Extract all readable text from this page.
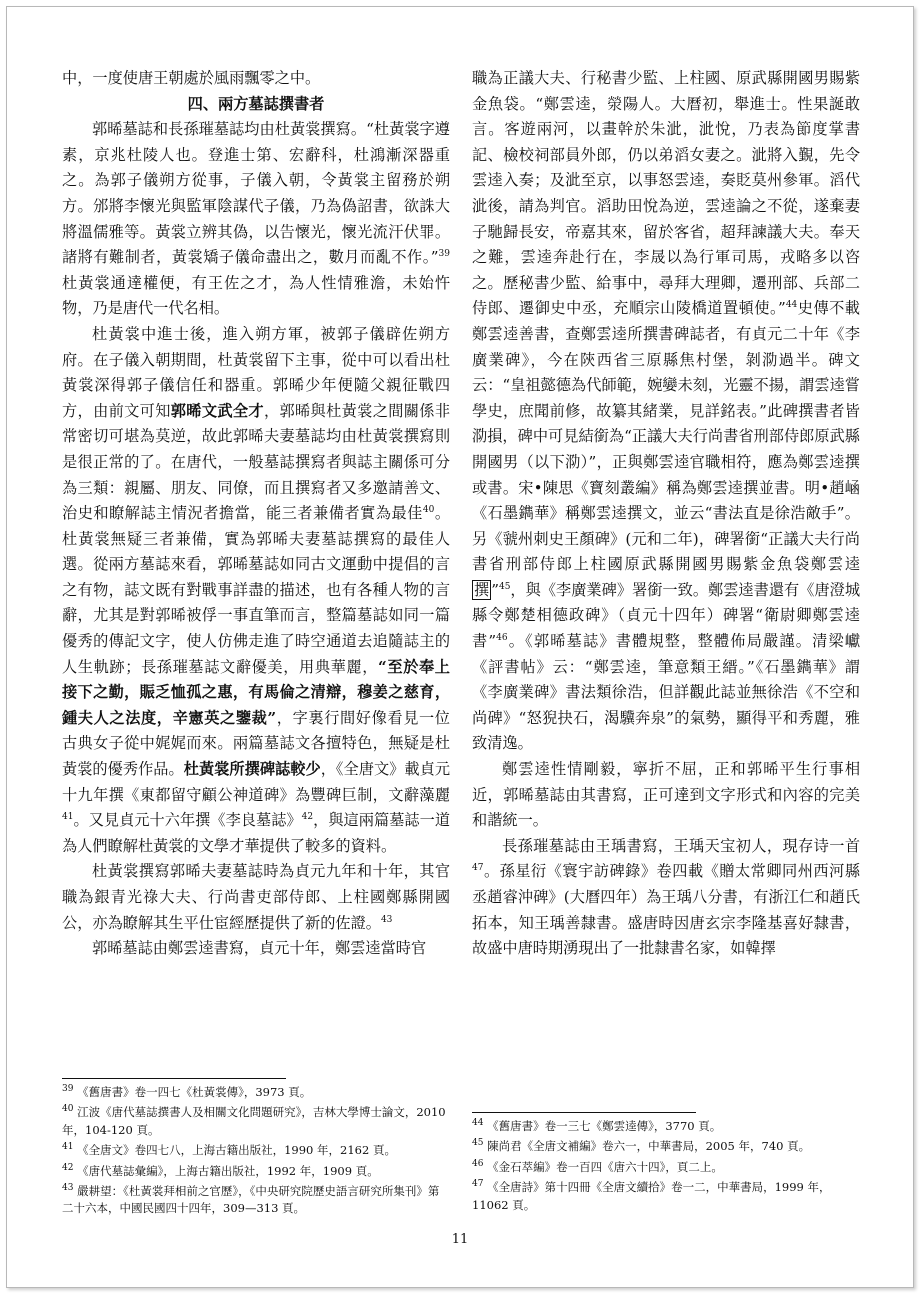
中，一度使唐王朝處於風雨飄零之中。

四、兩方墓誌撰書者

郭晞墓誌和長孫璀墓誌均由杜黃裳撰寫。“杜黃裳字遵素，京兆杜陵人也。登進士第、宏辭科，杜鴻漸深器重之。為郭子儀朔方從事，子儀入朝，令黃裳主留務於朔方。邠將李懷光與監軍陰謀代子儀，乃為偽詔書，欲誅大將溫儒雅等。黃裳立辨其偽，以告懷光，懷光流汗伏罪。諸將有難制者，黃裳矯子儀命盡出之，數月而亂不作。”$^{39}$杜黃裳通達權便，有王佐之才，為人性情雅澹，未始忤物，乃是唐代一代名相。

杜黃裳中進士後，進入朔方軍，被郭子儀辟佐朔方府。在子儀入朝期間，杜黃裳留下主事，從中可以看出杜黃裳深得郭子儀信任和器重。郭晞少年便隨父親征戰四方，由前文可知郭晞文武全才，郭晞與杜黃裳之間關係非常密切可堪為莫逆，故此郭晞夫妻墓誌均由杜黃裳撰寫則是很正常的了。在唐代，一般墓誌撰寫者與誌主關係可分為三類：親屬、朋友、同僚，而且撰寫者又多邀請善文、治史和瞭解誌主情況者擔當，能三者兼備者實為最佳$^{40}$。杜黃裳無疑三者兼備，實為郭晞夫妻墓誌撰寫的最佳人選。從兩方墓誌來看，郭晞墓誌如同古文運動中提倡的言之有物，誌文既有對戰事詳盡的描述，也有各種人物的言辭，尤其是對郭晞被俘一事直筆而言，整篇墓誌如同一篇優秀的傳記文字，使人仿佛走進了時空通道去追隨誌主的人生軌跡；長孫璀墓誌文辭優美，用典華麗，“至於奉上接下之勤，賑乏恤孤之惠，有馬倫之清辯，穆姜之慈育，鍾夫人之法度，辛憲英之鑒裁”，字裏行間好像看見一位古典女子從中娓娓而來。兩篇墓誌文各擅特色，無疑是杜黃裳的優秀作品。杜黃裳所撰碑誌較少，《全唐文》載貞元十九年撰《東都留守顧公神道碑》為豐碑巨制，文辭藻麗$^{41}$。又見貞元十六年撰《李良墓誌》$^{42}$，與這兩篇墓誌一道為人們瞭解杜黃裳的文學才華提供了較多的資料。

杜黃裳撰寫郭晞夫妻墓誌時為貞元九年和十年，其官職為銀青光祿大夫、行尚書吏部侍郎、上柱國鄭縣開國公，亦為瞭解其生平仕宦經歷提供了新的佐證。$^{43}$

郭晞墓誌由鄭雲逵書寫，貞元十年，鄭雲逵當時官

職為正議大夫、行秘書少監、上柱國、原武縣開國男賜紫金魚袋。“鄭雲逵，滎陽人。大曆初，舉進士。性果誕敢言。客遊兩河，以畫幹於朱泚，泚悅，乃表為節度掌書記、檢校祠部員外郎，仍以弟滔女妻之。泚將入覲，先令雲逵入奏；及泚至京，以事怒雲逵，奏貶莫州參軍。滔代泚後，請為判官。滔助田悅為逆，雲逵論之不從，遂棄妻子馳歸長安，帝嘉其來，留於客省，超拜諫議大夫。奉天之難，雲逵奔赴行在，李晟以為行軍司馬，戎略多以咨之。歷秘書少監、給事中，尋拜大理卿，遷刑部、兵部二侍郎、遷御史中丞，充順宗山陵橋道置頓使。”$^{44}$史傳不載鄭雲逵善書，查鄭雲逵所撰書碑誌者，有貞元二十年《李廣業碑》，今在陝西省三原縣焦村堡，剝泐過半。碑文云：“皇祖懿德為代師範，婉孌未刻，光靈不揚，謂雲逵嘗學史，庶聞前修，故纂其緒業，見詳銘表。”此碑撰書者皆泐損，碑中可見結銜為“正議大夫行尚書省刑部侍郎原武縣開國男（以下泐）”，正與鄭雲逵官職相符，應為鄭雲逵撰或書。宋•陳思《寶刻叢編》稱為鄭雲逵撰並書。明•趙崡《石墨鐫華》稱鄭雲逵撰文，並云“書法直是徐浩敵手”。另《虢州刺史王顏碑》(元和二年)，碑署銜“正議大夫行尚書省刑部侍郎上柱國原武縣開國男賜紫金魚袋鄭雲逵撰 ”$^{45}$，與《李廣業碑》署銜一致。鄭雲逵書還有《唐澄城縣令鄭楚相德政碑》（貞元十四年）碑署“衛尉卿鄭雲逵書”$^{46}$。《郭晞墓誌》書體規整，整體佈局嚴謹。清梁巘《評書帖》云：“鄭雲逵，筆意類王縉。”《石墨鐫華》謂《李廣業碑》書法類徐浩，但詳觀此誌並無徐浩《不空和尚碑》“怒猊抉石，渴驥奔泉”的氣勢，顯得平和秀麗，雅致清逸。

鄭雲逵性情剛毅，寧折不屈，正和郭晞平生行事相近，郭晞墓誌由其書寫，正可達到文字形式和內容的完美和諧統一。

長孫璀墓誌由王瑀書寫，王瑀天宝初人，現存诗一首$^{47}$。孫星衍《寰宇訪碑錄》卷四載《贈太常卿同州西河縣丞趙睿沖碑》(大曆四年）為王瑀八分書，有浙江仁和趙氏拓本，知王瑀善隸書。盛唐時因唐玄宗李隆基喜好隸書，故盛中唐時期湧現出了一批隸書名家，如韓擇

$^{39}$ 《舊唐書》卷一四七《杜黃裳傳》，3973 頁。
$^{40}$ 江波《唐代墓誌撰書人及相關文化問題研究》，吉林大學博士論文，2010 年，104-120 頁。
$^{41}$ 《全唐文》卷四七八，上海古籍出版社，1990 年，2162 頁。
$^{42}$ 《唐代墓誌彙編》，上海古籍出版社，1992 年，1909 頁。
$^{43}$ 嚴耕望：《杜黃裳拜相前之官歷》，《中央研究院歷史語言研究所集刊》第二十六本，中國民國四十四年，309—313 頁。
$^{44}$ 《舊唐書》卷一三七《鄭雲逵傳》，3770 頁。
$^{45}$ 陳尚君《全唐文補編》卷六一，中華書局，2005 年，740 頁。
$^{46}$ 《金石萃編》卷一百四《唐六十四》，頁二上。
$^{47}$ 《全唐詩》第十四冊《全唐文續拾》卷一二，中華書局，1999 年，11062 頁。
11
